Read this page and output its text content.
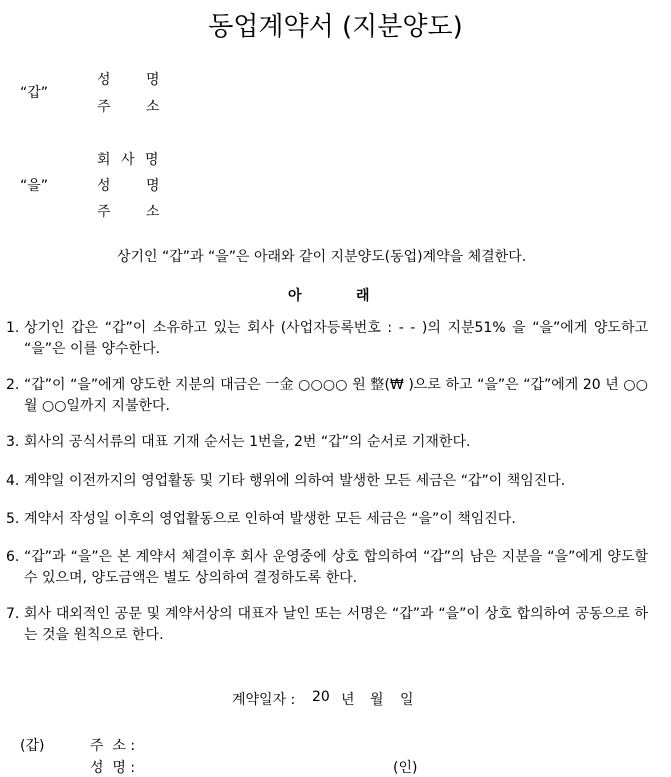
동업계약서 (지분양도)
“갑”
성	명
주	소
회 사 명
“을”	성	명
주	소
상기인 “갑”과 “을”은 아래와 같이 지분양도(동업)계약을 체결한다.
아	래
1. 상기인 갑은 “갑”이 소유하고 있는 회사 (사업자등록번호 : - - )의 지분51% 을 “을”에게 양도하고 “을”은 이를 양수한다.
2. “갑”이 “을”에게 양도한 지분의 대금은 一金 ○○○○ 원 整(₩ )으로 하고 “을”은 “갑”에게 20 년 ○○월 ○○일까지 지불한다.
3. 회사의 공식서류의 대표 기재 순서는 1번을, 2번 “갑”의 순서로 기재한다.
4. 계약일 이전까지의 영업활동 및 기타 행위에 의하여 발생한 모든 세금은 “갑”이 책임진다.
5. 계약서 작성일 이후의 영업활동으로 인하여 발생한 모든 세금은 “을”이 책임진다.
6. “갑”과 “을”은 본 계약서 체결이후 회사 운영중에 상호 합의하여 “갑”의 남은 지분을 “을”에게 양도할 수 있으며, 양도금액은 별도 상의하여 결정하도록 한다.
7. 회사 대외적인 공문 및 계약서상의 대표자 날인 또는 서명은 “갑”과 “을”이 상호 합의하여 공동으로 하는 것을 원칙으로 한다.
계약일자 : 20 년 월 일
(갑)	주  소 :
성  명 :	(인)
